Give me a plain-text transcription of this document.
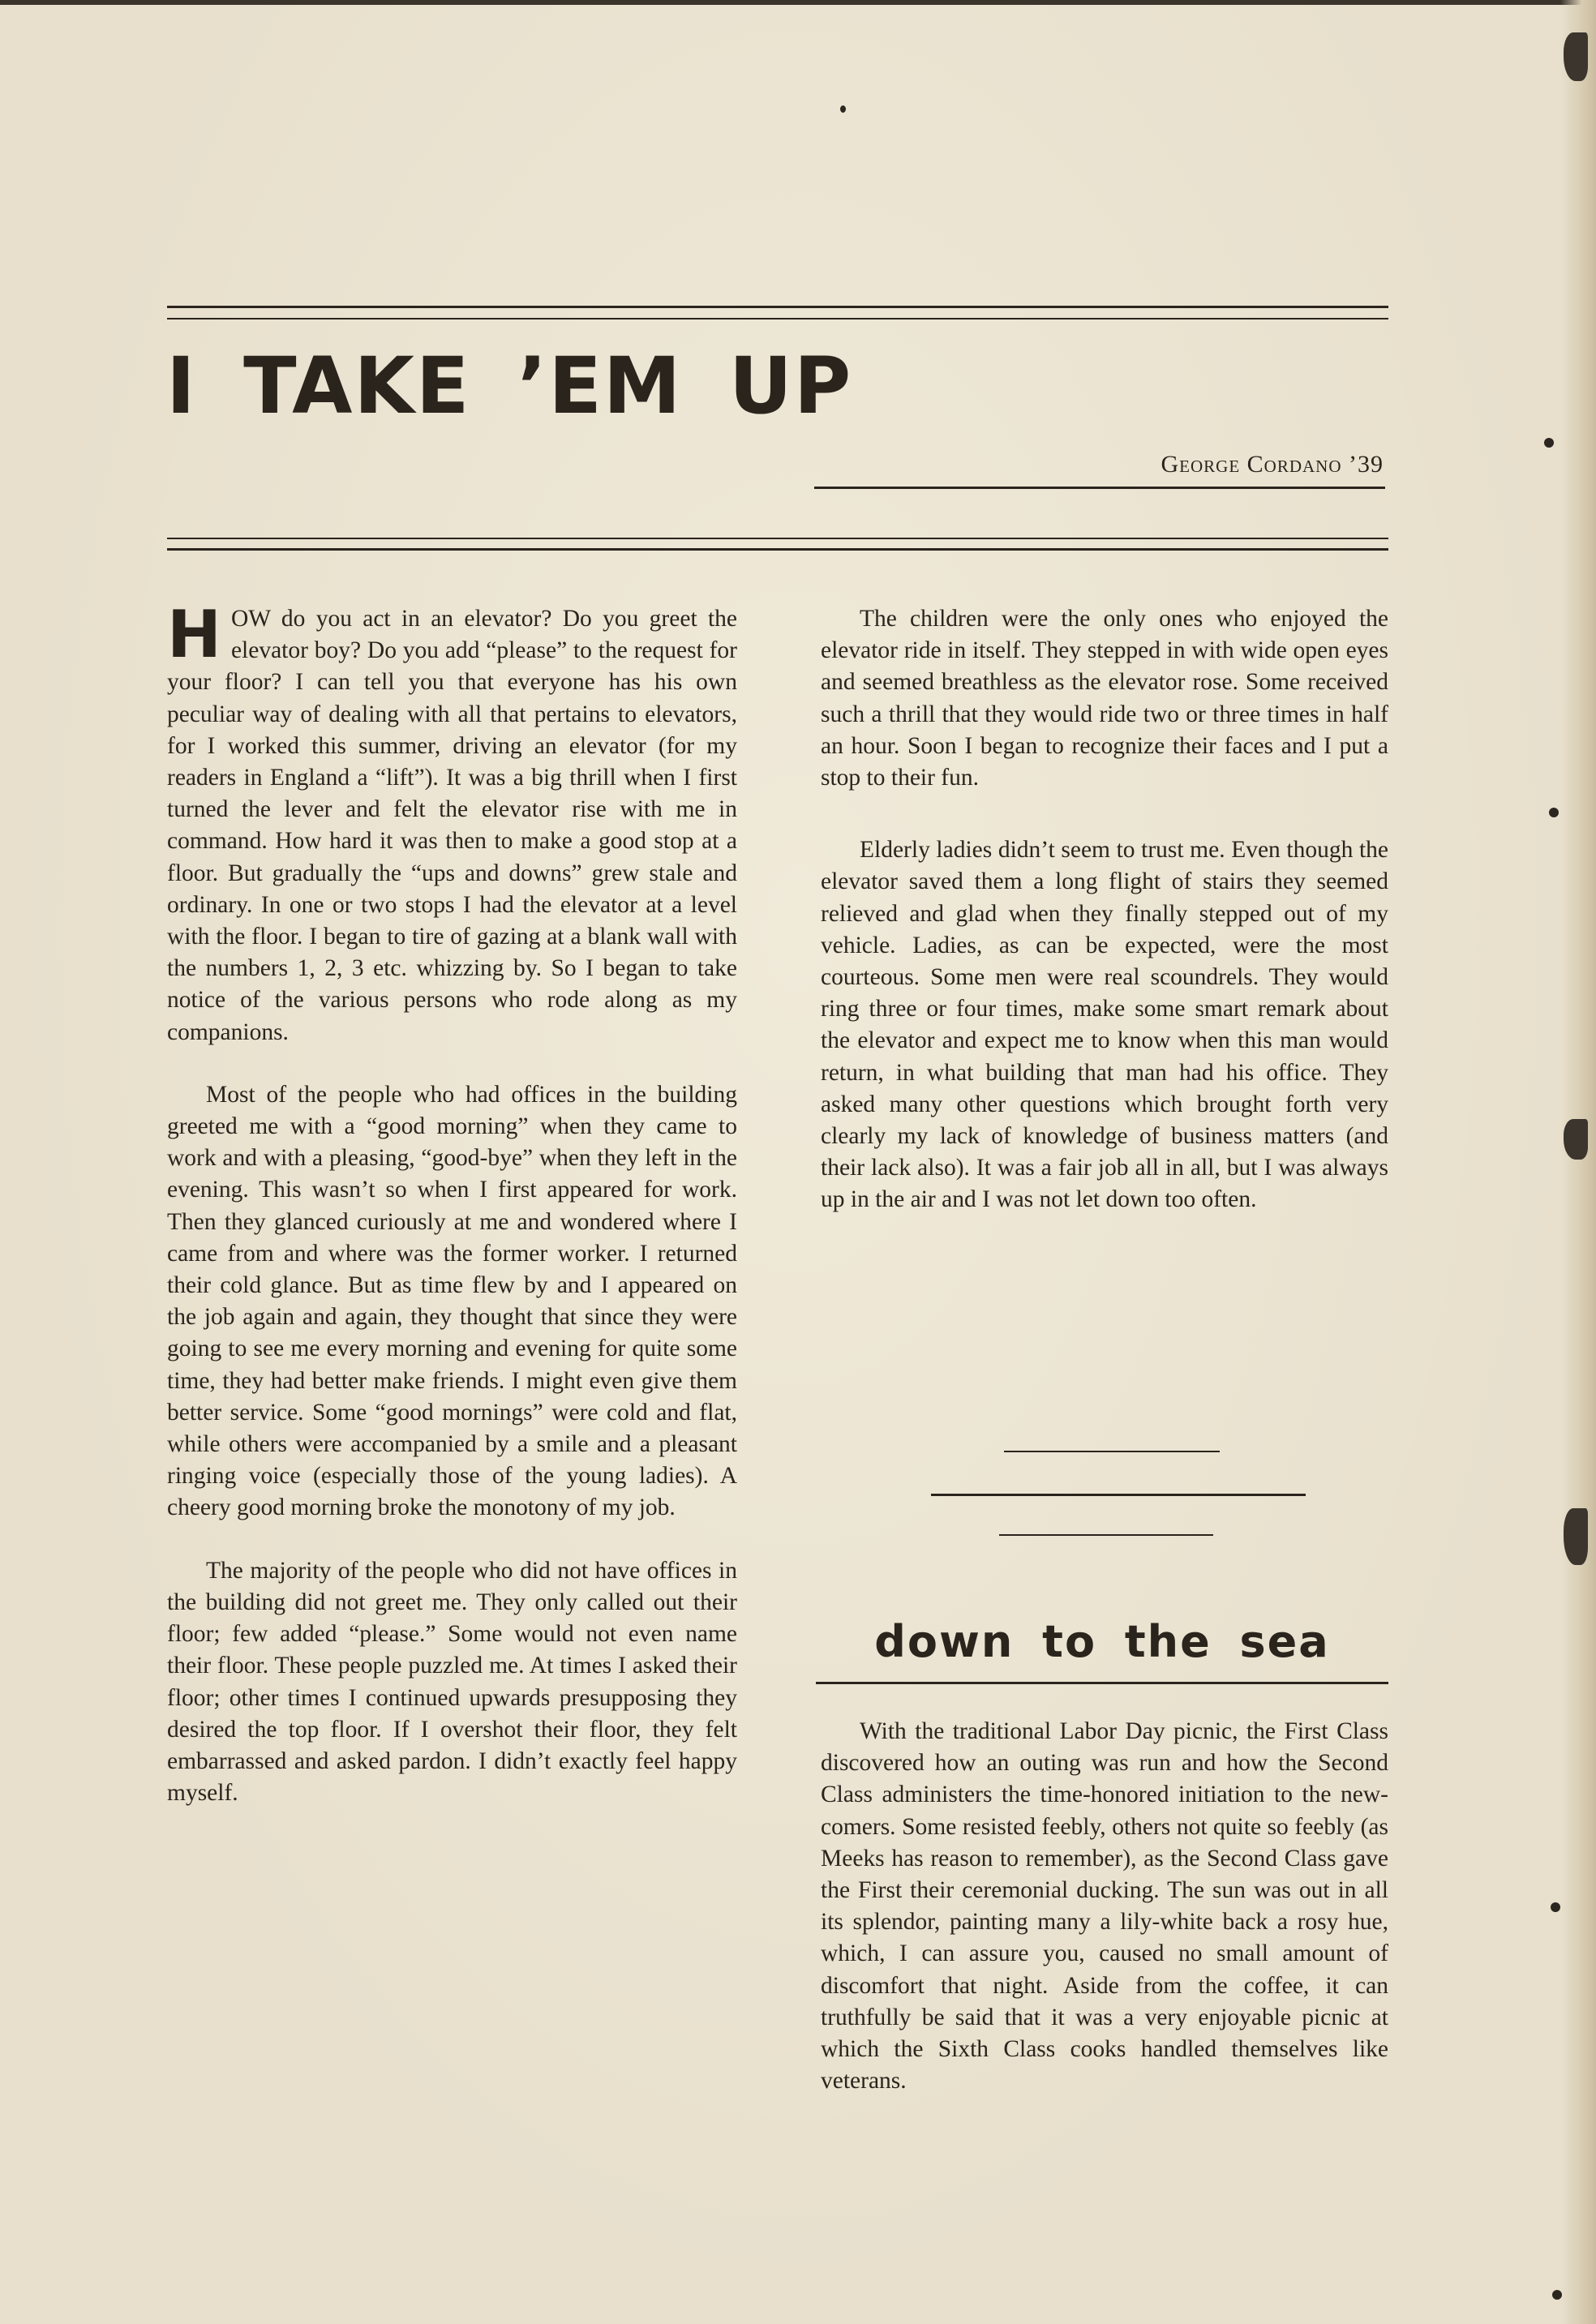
I TAKE ’EM UP
George Cordano ’39

HOW do you act in an elevator? Do you greet the elevator boy? Do you add “please” to the request for your floor? I can tell you that everyone has his own peculiar way of dealing with all that pertains to elevators, for I worked this summer, driving an elevator (for my readers in England a “lift”). It was a big thrill when I first turned the lever and felt the elevator rise with me in command. How hard it was then to make a good stop at a floor. But gradually the “ups and downs” grew stale and ordinary. In one or two stops I had the elevator at a level with the floor. I began to tire of gazing at a blank wall with the numbers 1, 2, 3 etc. whizzing by. So I began to take notice of the various persons who rode along as my companions.

Most of the people who had offices in the building greeted me with a “good morning” when they came to work and with a pleasing, “good-bye” when they left in the evening. This wasn’t so when I first appeared for work. Then they glanced curiously at me and wondered where I came from and where was the former worker. I returned their cold glance. But as time flew by and I appeared on the job again and again, they thought that since they were going to see me every morning and evening for quite some time, they had better make friends. I might even give them better service. Some “good mornings” were cold and flat, while others were accompanied by a smile and a pleasant ringing voice (especially those of the young ladies). A cheery good morning broke the monotony of my job.

The majority of the people who did not have offices in the building did not greet me. They only called out their floor; few added “please.” Some would not even name their floor. These people puzzled me. At times I asked their floor; other times I continued upwards presupposing they desired the top floor. If I overshot their floor, they felt embarrassed and asked pardon. I didn’t exactly feel happy myself.

The children were the only ones who enjoyed the elevator ride in itself. They stepped in with wide open eyes and seemed breathless as the elevator rose. Some received such a thrill that they would ride two or three times in half an hour. Soon I began to recognize their faces and I put a stop to their fun.

Elderly ladies didn’t seem to trust me. Even though the elevator saved them a long flight of stairs they seemed relieved and glad when they finally stepped out of my vehicle. Ladies, as can be expected, were the most courteous. Some men were real scoundrels. They would ring three or four times, make some smart remark about the elevator and expect me to know when this man would return, in what building that man had his office. They asked many other questions which brought forth very clearly my lack of knowledge of business matters (and their lack also). It was a fair job all in all, but I was always up in the air and I was not let down too often.

down to the sea

With the traditional Labor Day picnic, the First Class discovered how an outing was run and how the Second Class administers the time-honored initiation to the new-comers. Some resisted feebly, others not quite so feebly (as Meeks has reason to remember), as the Second Class gave the First their ceremonial ducking. The sun was out in all its splendor, painting many a lily-white back a rosy hue, which, I can assure you, caused no small amount of discomfort that night. Aside from the coffee, it can truthfully be said that it was a very enjoyable picnic at which the Sixth Class cooks handled themselves like veterans.
